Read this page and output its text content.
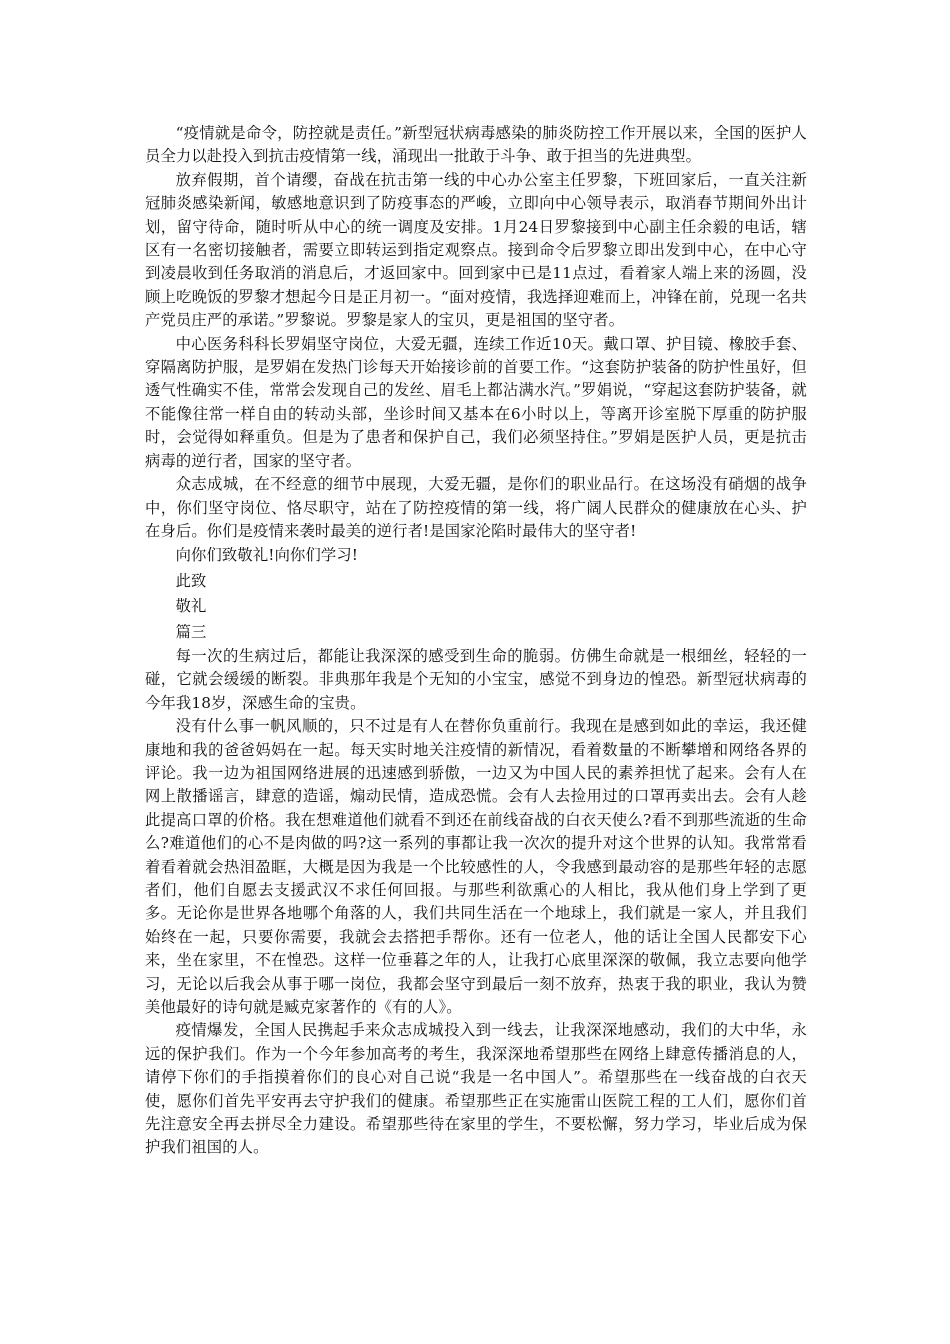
“疫情就是命令，防控就是责任。”新型冠状病毒感染的肺炎防控工作开展以来，全国的医护人员全力以赴投入到抗击疫情第一线，涌现出一批敢于斗争、敢于担当的先进典型。

放弃假期，首个请缨，奋战在抗击第一线的中心办公室主任罗黎，下班回家后，一直关注新冠肺炎感染新闻，敏感地意识到了防疫事态的严峻，立即向中心领导表示，取消春节期间外出计划，留守待命，随时听从中心的统一调度及安排。1月24日罗黎接到中心副主任余毅的电话，辖区有一名密切接触者，需要立即转运到指定观察点。接到命令后罗黎立即出发到中心，在中心守到凌晨收到任务取消的消息后，才返回家中。回到家中已是11点过，看着家人端上来的汤圆，没顾上吃晚饭的罗黎才想起今日是正月初一。“面对疫情，我选择迎难而上，冲锋在前，兑现一名共产党员庄严的承诺。”罗黎说。罗黎是家人的宝贝，更是祖国的坚守者。

中心医务科科长罗娟坚守岗位，大爱无疆，连续工作近10天。戴口罩、护目镜、橡胶手套、穿隔离防护服，是罗娟在发热门诊每天开始接诊前的首要工作。“这套防护装备的防护性虽好，但透气性确实不佳，常常会发现自己的发丝、眉毛上都沾满水汽。”罗娟说，“穿起这套防护装备，就不能像往常一样自由的转动头部，坐诊时间又基本在6小时以上，等离开诊室脱下厚重的防护服时，会觉得如释重负。但是为了患者和保护自己，我们必须坚持住。”罗娟是医护人员，更是抗击病毒的逆行者，国家的坚守者。

众志成城，在不经意的细节中展现，大爱无疆，是你们的职业品行。在这场没有硝烟的战争中，你们坚守岗位、恪尽职守，站在了防控疫情的第一线，将广阔人民群众的健康放在心头、护在身后。你们是疫情来袭时最美的逆行者!是国家沦陷时最伟大的坚守者!

向你们致敬礼!向你们学习!

此致

敬礼

篇三

每一次的生病过后，都能让我深深的感受到生命的脆弱。仿佛生命就是一根细丝，轻轻的一碰，它就会缓缓的断裂。非典那年我是个无知的小宝宝，感觉不到身边的惶恐。新型冠状病毒的今年我18岁，深感生命的宝贵。

没有什么事一帆风顺的，只不过是有人在替你负重前行。我现在是感到如此的幸运，我还健康地和我的爸爸妈妈在一起。每天实时地关注疫情的新情况，看着数量的不断攀增和网络各界的评论。我一边为祖国网络进展的迅速感到骄傲，一边又为中国人民的素养担忧了起来。会有人在网上散播谣言，肆意的造谣，煽动民情，造成恐慌。会有人去捡用过的口罩再卖出去。会有人趁此提高口罩的价格。我在想难道他们就看不到还在前线奋战的白衣天使么?看不到那些流逝的生命么?难道他们的心不是肉做的吗?这一系列的事都让我一次次的提升对这个世界的认知。我常常看着看着就会热泪盈眶，大概是因为我是一个比较感性的人，令我感到最动容的是那些年轻的志愿者们，他们自愿去支援武汉不求任何回报。与那些利欲熏心的人相比，我从他们身上学到了更多。无论你是世界各地哪个角落的人，我们共同生活在一个地球上，我们就是一家人，并且我们始终在一起，只要你需要，我就会去搭把手帮你。还有一位老人，他的话让全国人民都安下心来，坐在家里，不在惶恐。这样一位垂暮之年的人，让我打心底里深深的敬佩，我立志要向他学习，无论以后我会从事于哪一岗位，我都会坚守到最后一刻不放弃，热衷于我的职业，我认为赞美他最好的诗句就是臧克家著作的《有的人》。

疫情爆发，全国人民携起手来众志成城投入到一线去，让我深深地感动，我们的大中华，永远的保护我们。作为一个今年参加高考的考生，我深深地希望那些在网络上肆意传播消息的人，请停下你们的手指摸着你们的良心对自己说“我是一名中国人”。希望那些在一线奋战的白衣天使，愿你们首先平安再去守护我们的健康。希望那些正在实施雷山医院工程的工人们，愿你们首先注意安全再去拼尽全力建设。希望那些待在家里的学生，不要松懈，努力学习，毕业后成为保护我们祖国的人。
